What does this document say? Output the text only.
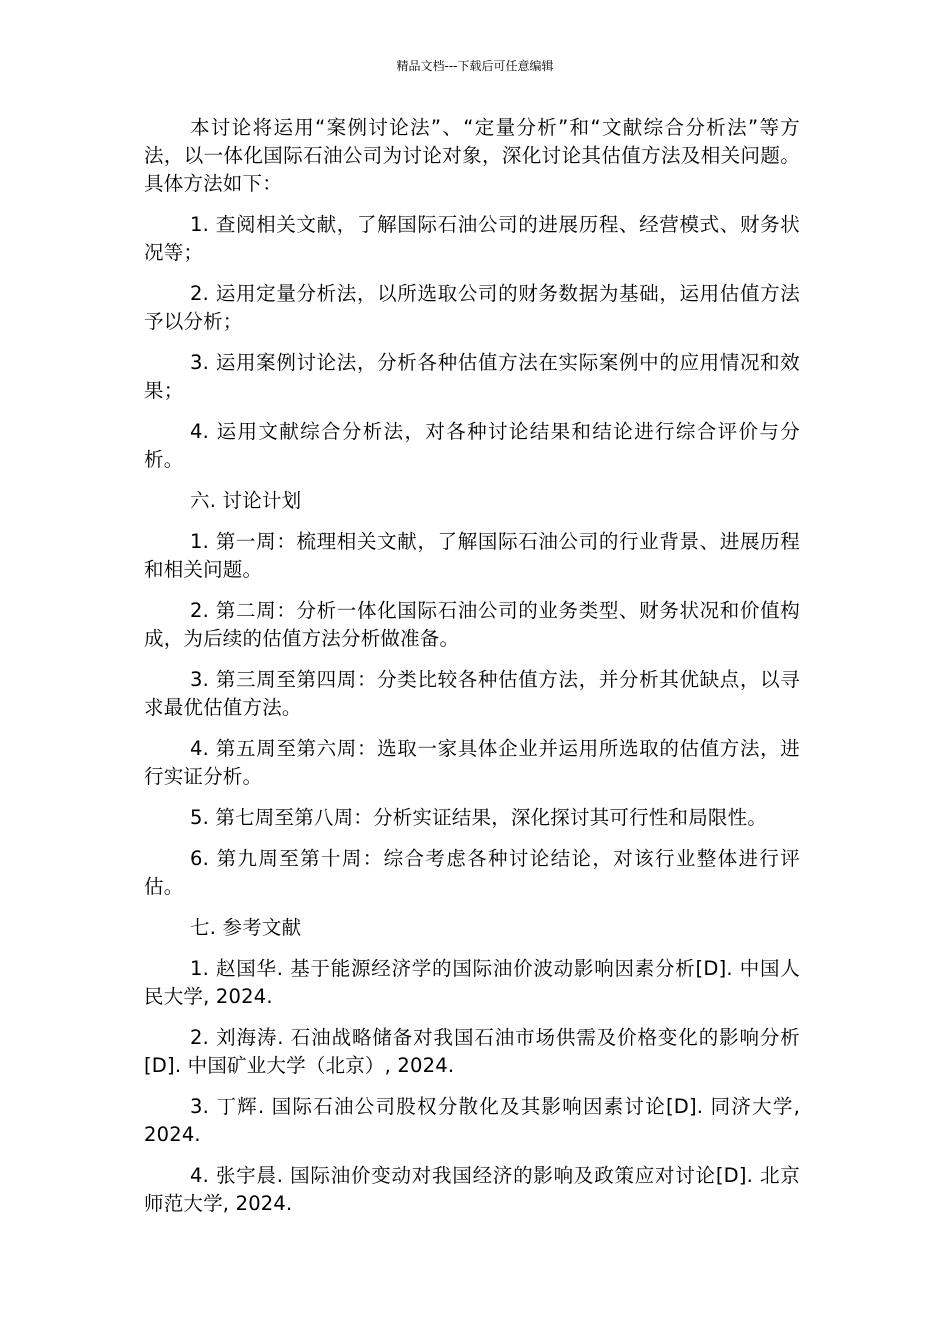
精品文档---下载后可任意编辑

本讨论将运用“案例讨论法”、“定量分析”和“文献综合分析法”等方法，以一体化国际石油公司为讨论对象，深化讨论其估值方法及相关问题。具体方法如下：

1. 查阅相关文献，了解国际石油公司的进展历程、经营模式、财务状况等；

2. 运用定量分析法，以所选取公司的财务数据为基础，运用估值方法予以分析；

3. 运用案例讨论法，分析各种估值方法在实际案例中的应用情况和效果；

4. 运用文献综合分析法，对各种讨论结果和结论进行综合评价与分析。

六. 讨论计划

1. 第一周：梳理相关文献，了解国际石油公司的行业背景、进展历程和相关问题。

2. 第二周：分析一体化国际石油公司的业务类型、财务状况和价值构成，为后续的估值方法分析做准备。

3. 第三周至第四周：分类比较各种估值方法，并分析其优缺点，以寻求最优估值方法。

4. 第五周至第六周：选取一家具体企业并运用所选取的估值方法，进行实证分析。

5. 第七周至第八周：分析实证结果，深化探讨其可行性和局限性。

6. 第九周至第十周：综合考虑各种讨论结论，对该行业整体进行评估。

七. 参考文献

1. 赵国华. 基于能源经济学的国际油价波动影响因素分析[D]. 中国人民大学, 2024.

2. 刘海涛. 石油战略储备对我国石油市场供需及价格变化的影响分析[D]. 中国矿业大学（北京）, 2024.

3. 丁辉. 国际石油公司股权分散化及其影响因素讨论[D]. 同济大学, 2024.

4. 张宇晨. 国际油价变动对我国经济的影响及政策应对讨论[D]. 北京师范大学, 2024.
